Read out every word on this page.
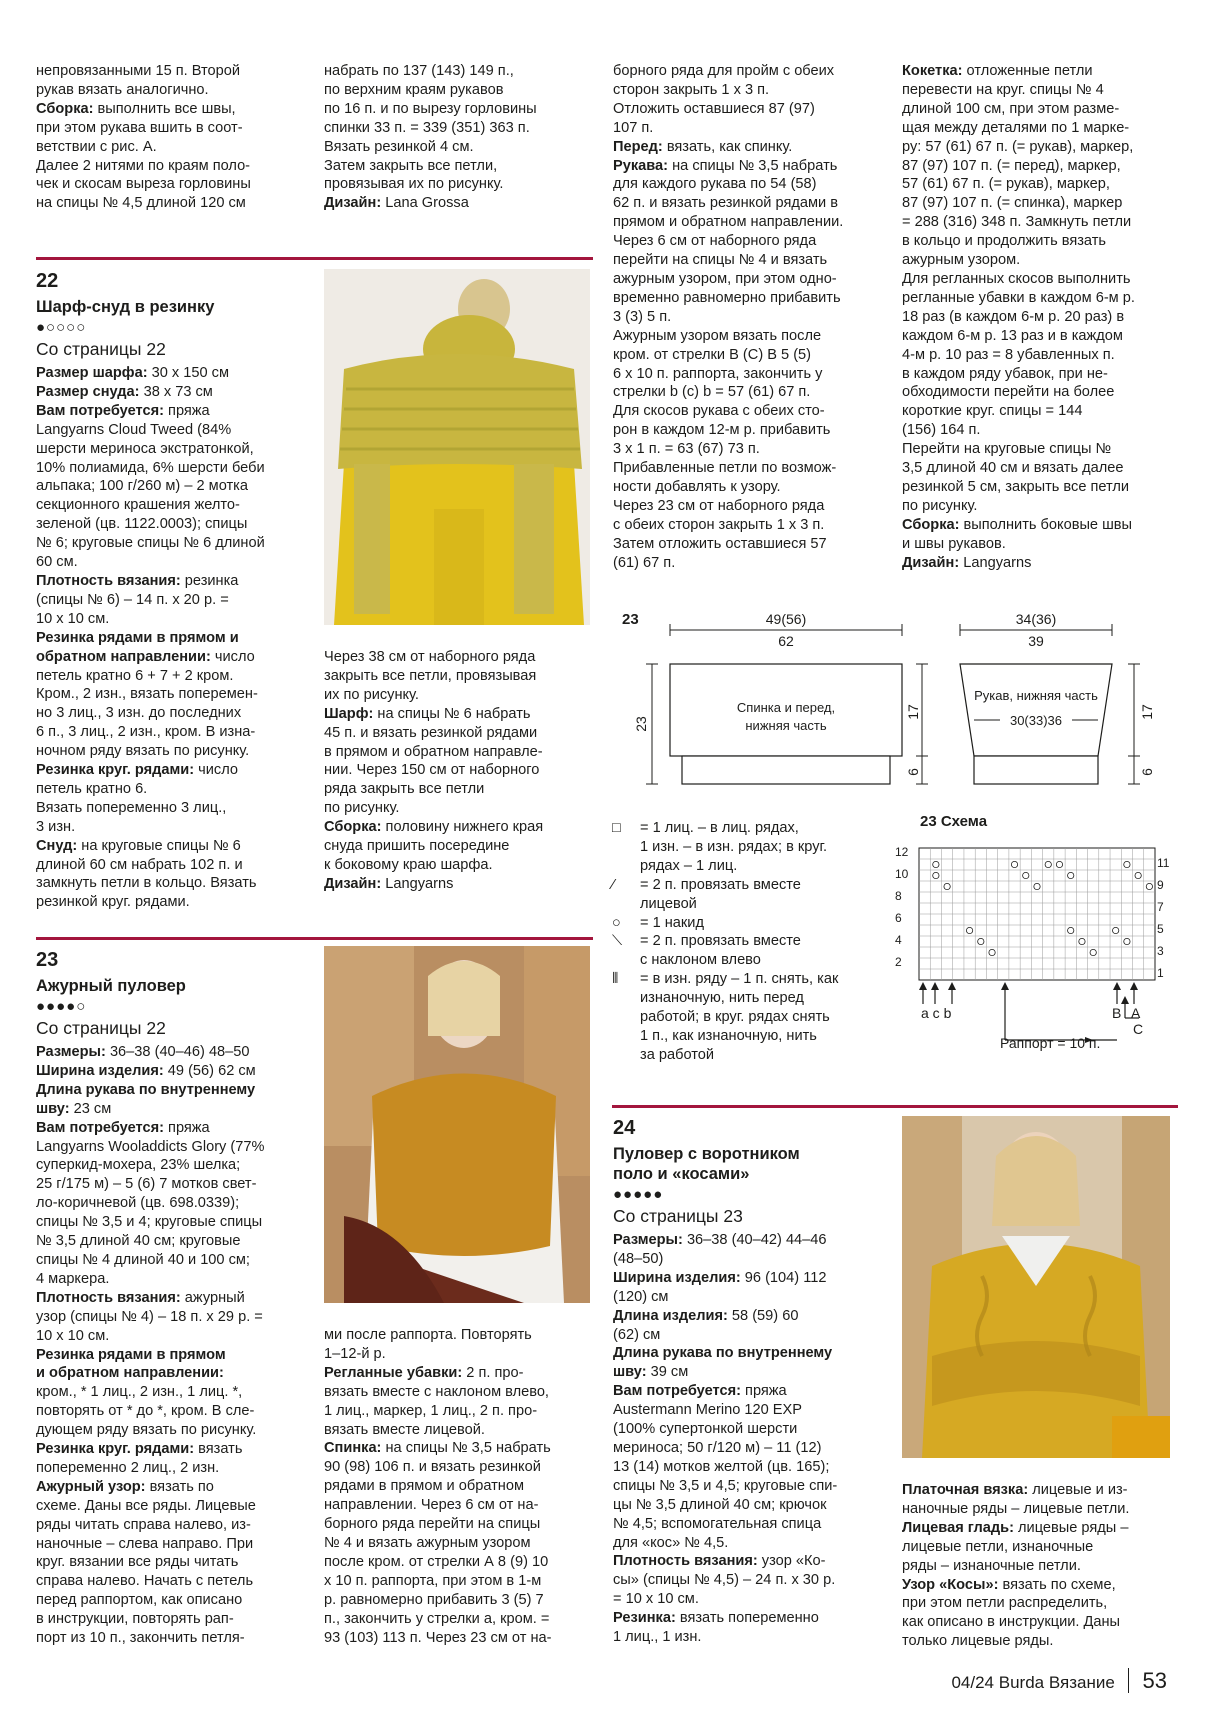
непровязанными 15 п. Второй

рукав вязать аналогично.

Сборка: выполнить все швы,

при этом рукава вшить в соот-

ветствии с рис. А.

Далее 2 нитями по краям поло-

чек и скосам выреза горловины

на спицы № 4,5 длиной 120 см

набрать по 137 (143) 149 п.,

по верхним краям рукавов

по 16 п. и по вырезу горловины

спинки 33 п. = 339 (351) 363 п.

Вязать резинкой 4 см.

Затем закрыть все петли,

провязывая их по рисунку.

Дизайн: Lana Grossa

борного ряда для пройм с обеих

сторон закрыть 1 х 3 п.

Отложить оставшиеся 87 (97)

107 п.

Перед: вязать, как спинку.

Рукава: на спицы № 3,5 набрать

для каждого рукава по 54 (58)

62 п. и вязать резинкой рядами в

прямом и обратном направлении.

Через 6 см от наборного ряда

перейти на спицы № 4 и вязать

ажурным узором, при этом одно-

временно равномерно прибавить

3 (3) 5 п.

Ажурным узором вязать после

кром. от стрелки В (С) В 5 (5)

6 х 10 п. раппорта, закончить у

стрелки b (c) b = 57 (61) 67 п.

Для скосов рукава с обеих сто-

рон в каждом 12-м р. прибавить

3 х 1 п. = 63 (67) 73 п.

Прибавленные петли по возмож-

ности добавлять к узору.

Через 23 см от наборного ряда

с обеих сторон закрыть 1 х 3 п.

Затем отложить оставшиеся 57

(61) 67 п.

Кокетка: отложенные петли

перевести на круг. спицы № 4

длиной 100 см, при этом разме-

щая между деталями по 1 марке-

ру: 57 (61) 67 п. (= рукав), маркер,

87 (97) 107 п. (= перед), маркер,

57 (61) 67 п. (= рукав), маркер,

87 (97) 107 п. (= спинка), маркер

= 288 (316) 348 п. Замкнуть петли

в кольцо и продолжить вязать

ажурным узором.

Для регланных скосов выполнить

регланные убавки в каждом 6-м р.

18 раз (в каждом 6-м р. 20 раз) в

каждом 6-м р. 13 раз и в каждом

4-м р. 10 раз = 8 убавленных п.

в каждом ряду убавок, при не-

обходимости перейти на более

короткие круг. спицы = 144

(156) 164 п.

Перейти на круговые спицы №

3,5 длиной 40 см и вязать далее

резинкой 5 см, закрыть все петли

по рисунку.

Сборка: выполнить боковые швы

и швы рукавов.

Дизайн: Langyarns

22
Шарф-снуд в резинку
●○○○○
Со страницы 22

Размер шарфа: 30 х 150 см

Размер снуда: 38 х 73 см

Вам потребуется: пряжа

Langyarns Cloud Tweed (84%

шерсти мериноса экстратонкой,

10% полиамида, 6% шерсти беби

альпака; 100 г/260 м) – 2 мотка

секционного крашения желто-

зеленой (цв. 1122.0003); спицы

№ 6; круговые спицы № 6 длиной

60 см.

Плотность вязания: резинка

(спицы № 6) – 14 п. х 20 р. =

10 х 10 см.

Резинка рядами в прямом и

обратном направлении: число

петель кратно 6 + 7 + 2 кром.

Кром., 2 изн., вязать поперемен-

но 3 лиц., 3 изн. до последних

6 п., 3 лиц., 2 изн., кром. В изна-

ночном ряду вязать по рисунку.

Резинка круг. рядами: число

петель кратно 6.

Вязать попеременно 3 лиц.,

3 изн.

Снуд: на круговые спицы № 6

длиной 60 см набрать 102 п. и

замкнуть петли в кольцо. Вязать

резинкой круг. рядами.

Через 38 см от наборного ряда

закрыть все петли, провязывая

их по рисунку.

Шарф: на спицы № 6 набрать

45 п. и вязать резинкой рядами

в прямом и обратном направле-

нии. Через 150 см от наборного

ряда закрыть все петли

по рисунку.

Сборка: половину нижнего края

снуда пришить посередине

к боковому краю шарфа.

Дизайн: Langyarns

23
Ажурный пуловер
●●●●○
Со страницы 22

Размеры: 36–38 (40–46) 48–50

Ширина изделия: 49 (56) 62 см

Длина рукава по внутреннему

шву: 23 см

Вам потребуется: пряжа

Langyarns Wooladdicts Glory (77%

суперкид-мохера, 23% шелка;

25 г/175 м) – 5 (6) 7 мотков свет-

ло-коричневой (цв. 698.0339);

спицы № 3,5 и 4; круговые спицы

№ 3,5 длиной 40 см; круговые

спицы № 4 длиной 40 и 100 см;

4 маркера.

Плотность вязания: ажурный

узор (спицы № 4) – 18 п. х 29 р. =

10 х 10 см.

Резинка рядами в прямом

и обратном направлении:

кром., * 1 лиц., 2 изн., 1 лиц. *,

повторять от * до *, кром. В сле-

дующем ряду вязать по рисунку.

Резинка круг. рядами: вязать

попеременно 2 лиц., 2 изн.

Ажурный узор: вязать по

схеме. Даны все ряды. Лицевые

ряды читать справа налево, из-

наночные – слева направо. При

круг. вязании все ряды читать

справа налево. Начать с петель

перед раппортом, как описано

в инструкции, повторять рап-

порт из 10 п., закончить петля-

ми после раппорта. Повторять

1–12-й р.

Регланные убавки: 2 п. про-

вязать вместе с наклоном влево,

1 лиц., маркер, 1 лиц., 2 п. про-

вязать вместе лицевой.

Спинка: на спицы № 3,5 набрать

90 (98) 106 п. и вязать резинкой

рядами в прямом и обратном

направлении. Через 6 см от на-

борного ряда перейти на спицы

№ 4 и вязать ажурным узором

после кром. от стрелки А 8 (9) 10

х 10 п. раппорта, при этом в 1-м

р. равномерно прибавить 3 (5) 7

п., закончить у стрелки а, кром. =

93 (103) 113 п. Через 23 см от на-

23	49(56)
62
Спинка и перед,
нижняя часть
23
17
6
34(36)
39
Рукав, нижняя часть
30(33)36
17
6
□	= 1 лиц. – в лиц. рядах,
1 изн. – в изн. рядах; в круг.
рядах – 1 лиц.
⁄	= 2 п. провязать вместе
лицевой
○	= 1 накид
⟍	= 2 п. провязать вместе
с наклоном влево
⦀	= в изн. ряду – 1 п. снять, как
изнаночную, нить перед
работой; в круг. рядах снять
1 п., как изнаночную, нить
за работой
23 Схема
12
10
8
6
4
2
11
9
7
5
3
1
a c b	B A
C
Раппорт = 10 п.
24
Пуловер с воротником
поло и «косами»
●●●●●
Со страницы 23

Размеры: 36–38 (40–42) 44–46

(48–50)

Ширина изделия: 96 (104) 112

(120) см

Длина изделия: 58 (59) 60

(62) см

Длина рукава по внутреннему

шву: 39 см

Вам потребуется: пряжа

Austermann Merino 120 EXP

(100% супертонкой шерсти

мериноса; 50 г/120 м) – 11 (12)

13 (14) мотков желтой (цв. 165);

спицы № 3,5 и 4,5; круговые спи-

цы № 3,5 длиной 40 см; крючок

№ 4,5; вспомогательная спица

для «кос» № 4,5.

Плотность вязания: узор «Ко-

сы» (спицы № 4,5) – 24 п. х 30 р.

= 10 х 10 см.

Резинка: вязать попеременно

1 лиц., 1 изн.

Платочная вязка: лицевые и из-

наночные ряды – лицевые петли.

Лицевая гладь: лицевые ряды –

лицевые петли, изнаночные

ряды – изнаночные петли.

Узор «Косы»: вязать по схеме,

при этом петли распределить,

как описано в инструкции. Даны

только лицевые ряды.

04/24 Burda Вязание 53
